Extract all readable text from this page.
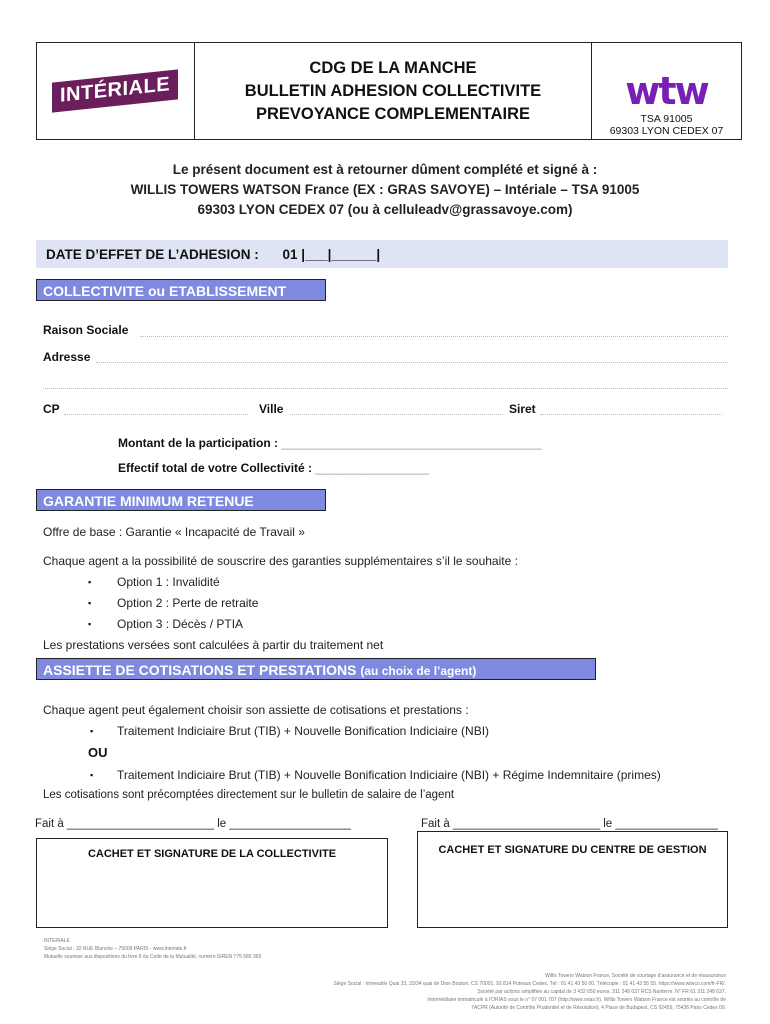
INTÉRIALE
CDG DE LA MANCHE
BULLETIN ADHESION COLLECTIVITE
PREVOYANCE COMPLEMENTAIRE
wtw
TSA 91005
69303 LYON CEDEX 07
Le présent document est à retourner dûment complété et signé à :
WILLIS TOWERS WATSON France (EX : GRAS SAVOYE) – Intériale – TSA 91005
69303 LYON CEDEX 07 (ou à celluleadv@grassavoye.com)
DATE D’EFFET DE L’ADHESION : 01 |___|______|
COLLECTIVITE ou ETABLISSEMENT
Raison Sociale
Adresse
CP	Ville	Siret
Montant de la participation : _______________________________________
Effectif total de votre Collectivité : _________________
GARANTIE MINIMUM RETENUE
Offre de base : Garantie « Incapacité de Travail »
Chaque agent a la possibilité de souscrire des garanties supplémentaires s’il le souhaite :
▪ Option 1 : Invalidité
▪ Option 2 : Perte de retraite
▪ Option 3 : Décès / PTIA
Les prestations versées sont calculées à partir du traitement net
ASSIETTE DE COTISATIONS ET PRESTATIONS (au choix de l’agent)
Chaque agent peut également choisir son assiette de cotisations et prestations :
▪ Traitement Indiciaire Brut (TIB) + Nouvelle Bonification Indiciaire (NBI)
OU
▪ Traitement Indiciaire Brut (TIB) + Nouvelle Bonification Indiciaire (NBI) + Régime Indemnitaire (primes)
Les cotisations sont précomptées directement sur le bulletin de salaire de l’agent
Fait à _______________________ le ___________________	Fait à _______________________ le ________________
CACHET ET SIGNATURE DE LA COLLECTIVITE	CACHET ET SIGNATURE DU CENTRE DE GESTION
INTERIALE
Siège Social : 32 RUE Blanche – 75009 PARIS - www.interiale.fr
Mutuelle soumise aux dispositions du livre II du Code de la Mutualité, numéro SIREN 775 685 365
Willis Towers Watson France, Société de courtage d’assurance et de réassurance
Siège Social : Immeuble Quai 33, 33/34 quai de Dion Bouton, CS 70001, 92 814 Puteaux Cedex. Tél : 01 41 43 50 00. Télécopie : 01 41 43 55 55. https://www.wtwco.com/fr-FR/.
Société par actions simplifiée au capital de 3 432 650 euros. 311 248 637 RCS Nanterre. N° FR 61 311 248 637.
Intermédiaire immatriculé à l’ORIAS sous le n° 07 001 707 (http://www.orias.fr). Willis Towers Watson France est soumis au contrôle de
l’ACPR (Autorité de Contrôle Prudentiel et de Résolution), 4 Place de Budapest, CS 92459, 75436 Paris Cedex 09.
